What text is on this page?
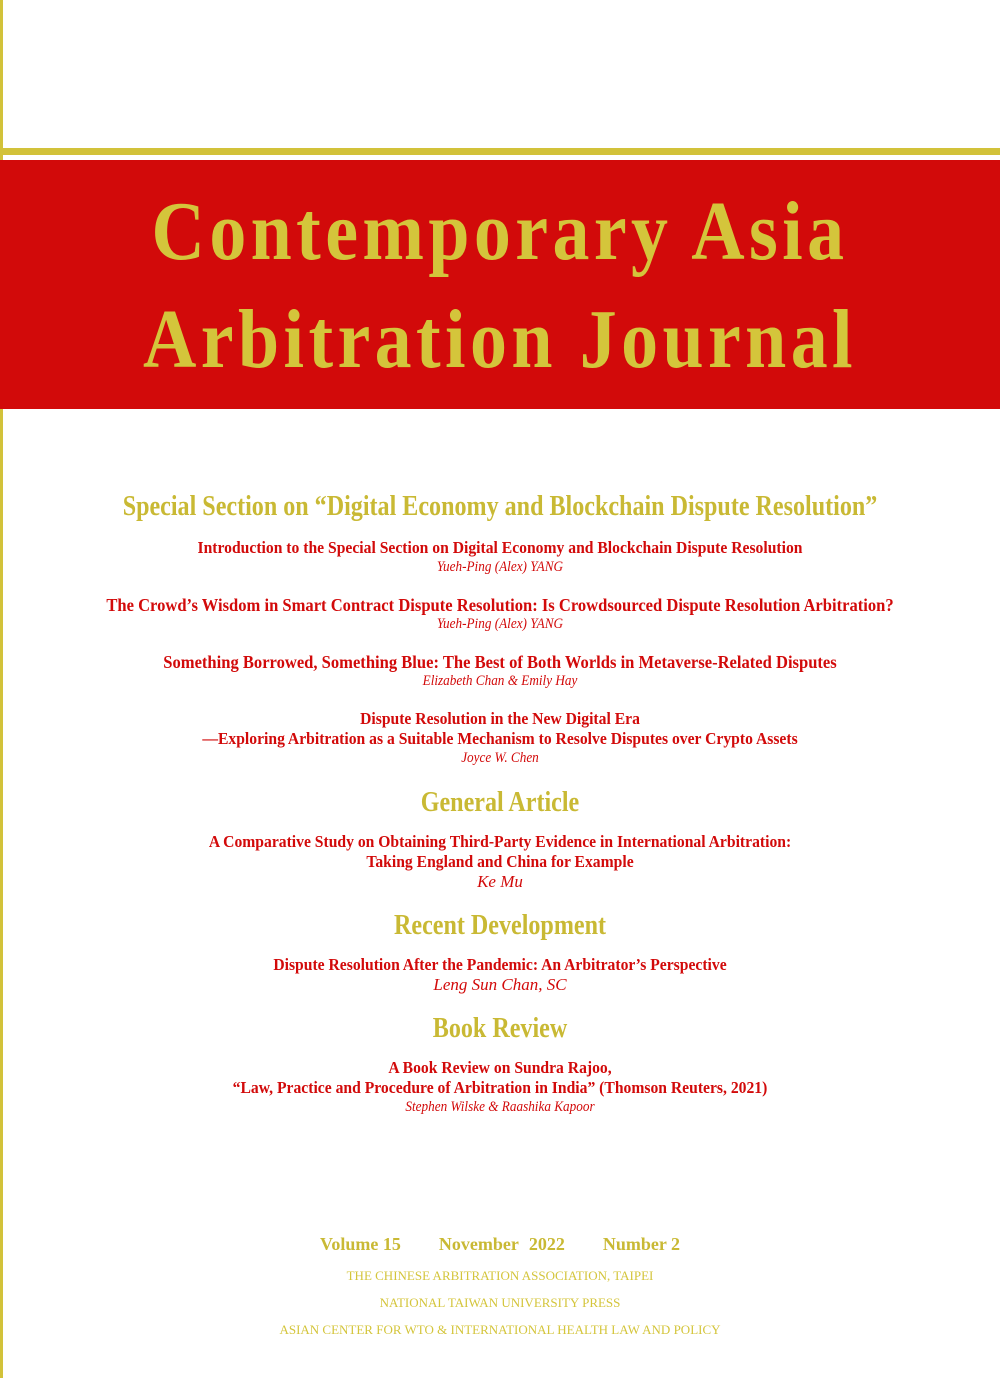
Contemporary Asia
Arbitration Journal
Special Section on “Digital Economy and Blockchain Dispute Resolution”
Introduction to the Special Section on Digital Economy and Blockchain Dispute Resolution
Yueh-Ping (Alex) YANG
The Crowd’s Wisdom in Smart Contract Dispute Resolution: Is Crowdsourced Dispute Resolution Arbitration?
Yueh-Ping (Alex) YANG
Something Borrowed, Something Blue: The Best of Both Worlds in Metaverse-Related Disputes
Elizabeth Chan & Emily Hay
Dispute Resolution in the New Digital Era
—Exploring Arbitration as a Suitable Mechanism to Resolve Disputes over Crypto Assets
Joyce W. Chen
General Article
A Comparative Study on Obtaining Third-Party Evidence in International Arbitration:
Taking England and China for Example
Ke Mu
Recent Development
Dispute Resolution After the Pandemic: An Arbitrator’s Perspective
Leng Sun Chan, SC
Book Review
A Book Review on Sundra Rajoo,
“Law, Practice and Procedure of Arbitration in India” (Thomson Reuters, 2021)
Stephen Wilske & Raashika Kapoor
Volume 15 November 2022 Number 2
THE CHINESE ARBITRATION ASSOCIATION, TAIPEI
NATIONAL TAIWAN UNIVERSITY PRESS
ASIAN CENTER FOR WTO & INTERNATIONAL HEALTH LAW AND POLICY
